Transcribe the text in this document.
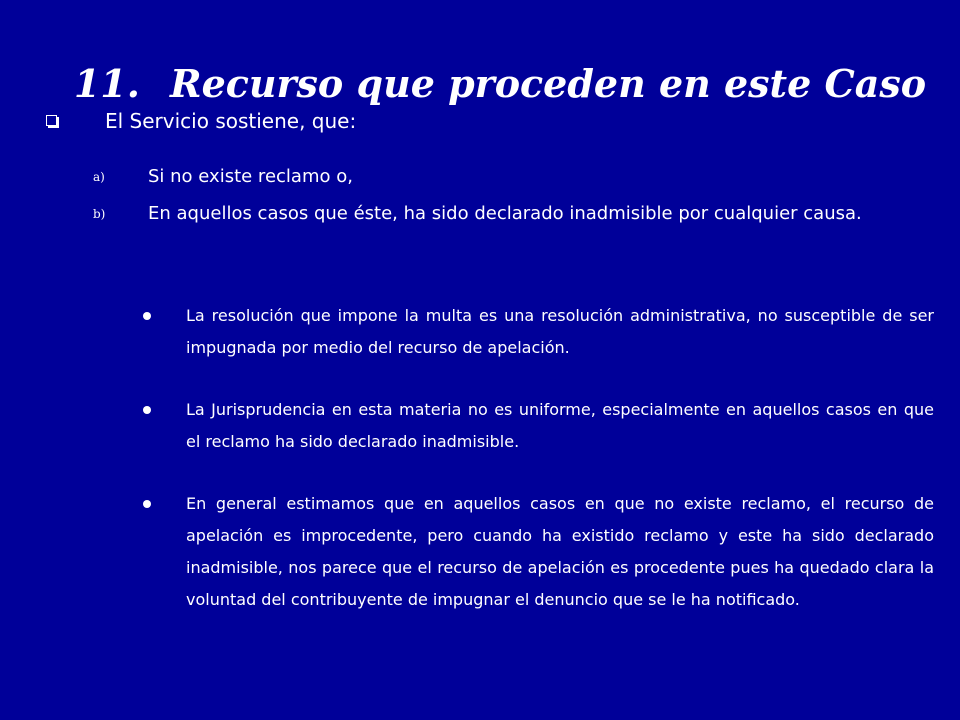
11. Recurso que proceden en este Caso
El Servicio sostiene, que:
a)	Si no existe reclamo o,
b)	En aquellos casos que éste, ha sido declarado inadmisible por cualquier causa.
La resolución que impone la multa es una resolución administrativa, no susceptible de ser impugnada por medio del recurso de apelación.
La Jurisprudencia en esta materia no es uniforme, especialmente en aquellos casos en que el reclamo ha sido declarado inadmisible.
En general estimamos que en aquellos casos en que no existe reclamo, el recurso de apelación es improcedente, pero cuando ha existido reclamo y este ha sido declarado inadmisible, nos parece que el recurso de apelación es procedente pues ha quedado clara la voluntad del contribuyente de impugnar el denuncio que se le ha notificado.
